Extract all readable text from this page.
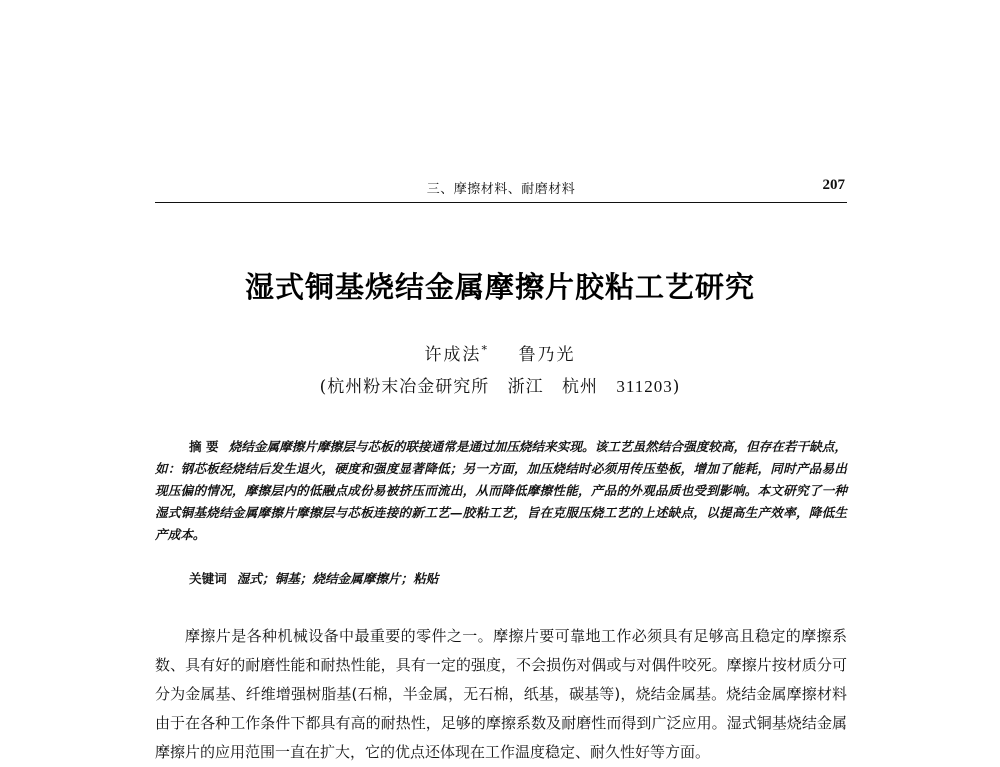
三、摩擦材料、耐磨材料	207
湿式铜基烧结金属摩擦片胶粘工艺研究
许成法* 鲁乃光
(杭州粉末冶金研究所 浙江 杭州 311203)
摘 要 烧结金属摩擦片摩擦层与芯板的联接通常是通过加压烧结来实现。该工艺虽然结合强度较高，但存在若干缺点，如：钢芯板经烧结后发生退火，硬度和强度显著降低；另一方面，加压烧结时必须用传压垫板，增加了能耗，同时产品易出现压偏的情况，摩擦层内的低融点成份易被挤压而流出，从而降低摩擦性能，产品的外观品质也受到影响。本文研究了一种湿式铜基烧结金属摩擦片摩擦层与芯板连接的新工艺—胶粘工艺，旨在克服压烧工艺的上述缺点，以提高生产效率，降低生产成本。
关键词 湿式；铜基；烧结金属摩擦片；粘贴
摩擦片是各种机械设备中最重要的零件之一。摩擦片要可靠地工作必须具有足够高且稳定的摩擦系数、具有好的耐磨性能和耐热性能，具有一定的强度，不会损伤对偶或与对偶件咬死。摩擦片按材质分可分为金属基、纤维增强树脂基(石棉，半金属，无石棉，纸基，碳基等)，烧结金属基。烧结金属摩擦材料由于在各种工作条件下都具有高的耐热性，足够的摩擦系数及耐磨性而得到广泛应用。湿式铜基烧结金属摩擦片的应用范围一直在扩大，它的优点还体现在工作温度稳定、耐久性好等方面。
